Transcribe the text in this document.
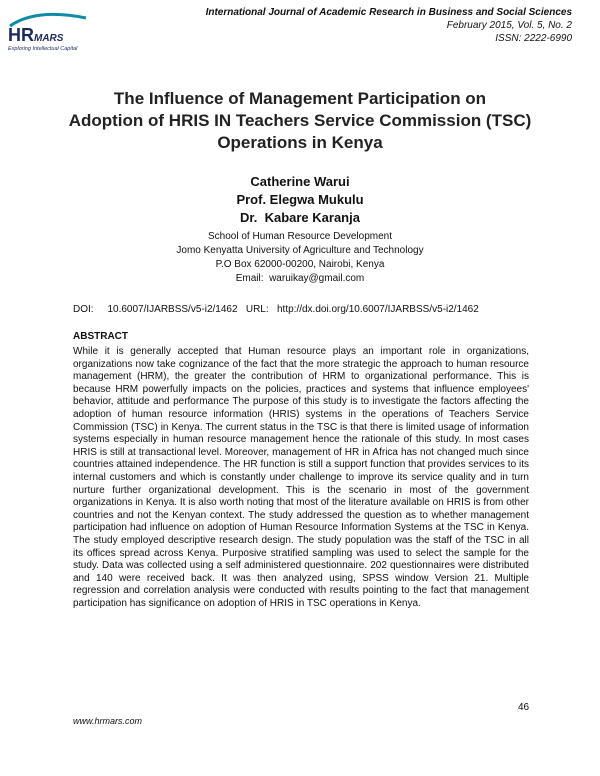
HR MARS
Exploring Intellectual Capital
International Journal of Academic Research in Business and Social Sciences
February 2015, Vol. 5, No. 2
ISSN: 2222-6990
The Influence of Management Participation on
Adoption of HRIS IN Teachers Service Commission (TSC)
Operations in Kenya
Catherine Warui
Prof. Elegwa Mukulu
Dr.  Kabare Karanja
School of Human Resource Development
Jomo Kenyatta University of Agriculture and Technology
P.O Box 62000-00200, Nairobi, Kenya
Email:  waruikay@gmail.com
DOI:     10.6007/IJARBSS/v5-i2/1462   URL:   http://dx.doi.org/10.6007/IJARBSS/v5-i2/1462
ABSTRACT

While it is generally accepted that Human resource plays an important role in organizations, organizations now take cognizance of the fact that the more strategic the approach to human resource management (HRM), the greater the contribution of HRM to organizational performance. This is because HRM powerfully impacts on the policies, practices and systems that influence employees' behavior, attitude and performance The purpose of this study is to investigate the factors affecting the adoption of human resource information (HRIS) systems in the operations of Teachers Service Commission (TSC) in Kenya. The current status in the TSC is that there is limited usage of information systems especially in human resource management hence the rationale of this study. In most cases HRIS is still at transactional level. Moreover, management of HR in Africa has not changed much since countries attained independence. The HR function is still a support function that provides services to its internal customers and which is constantly under challenge to improve its service quality and in turn nurture further organizational development. This is the scenario in most of the government organizations in Kenya. It is also worth noting that most of the literature available on HRIS is from other countries and not the Kenyan context. The study addressed the question as to whether management participation had influence on adoption of Human Resource Information Systems at the TSC in Kenya. The study employed descriptive research design. The study population was the staff of the TSC in all its offices spread across Kenya. Purposive stratified sampling was used to select the sample for the study. Data was collected using a self administered questionnaire. 202 questionnaires were distributed and 140 were received back. It was then analyzed using, SPSS window Version 21. Multiple regression and correlation analysis were conducted with results pointing to the fact that management participation has significance on adoption of HRIS in TSC operations in Kenya.

46
www.hrmars.com
